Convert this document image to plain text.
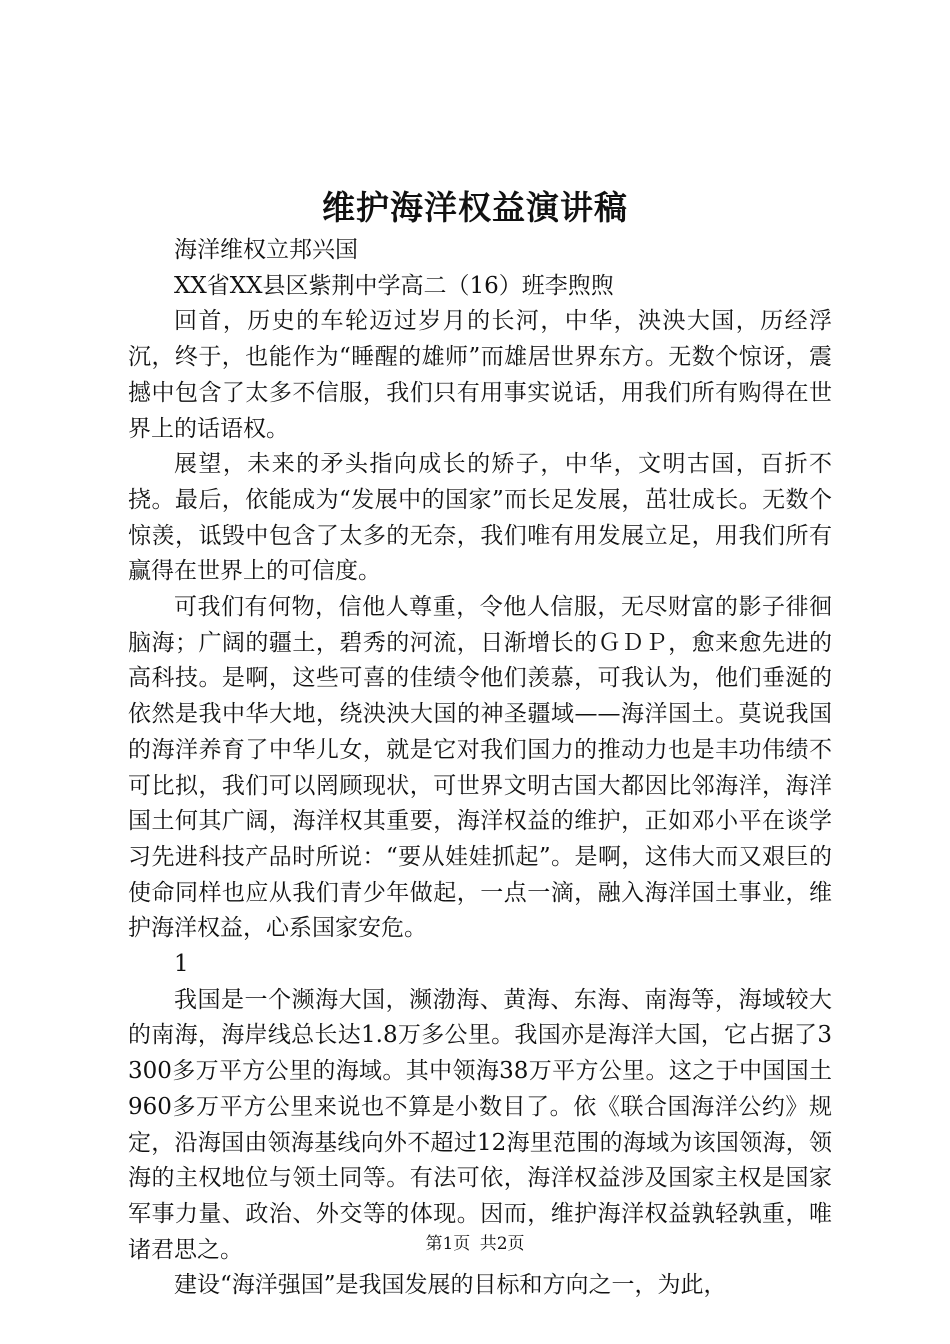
维护海洋权益演讲稿

海洋维权立邦兴国

XX省XX县区紫荆中学高二（16）班李煦煦

回首，历史的车轮迈过岁月的长河，中华，泱泱大国，历经浮沉，终于，也能作为“睡醒的雄师”而雄居世界东方。无数个惊讶，震撼中包含了太多不信服，我们只有用事实说话，用我们所有购得在世界上的话语权。

展望，未来的矛头指向成长的矫子，中华，文明古国，百折不挠。最后，依能成为“发展中的国家”而长足发展，茁壮成长。无数个惊羡，诋毁中包含了太多的无奈，我们唯有用发展立足，用我们所有赢得在世界上的可信度。

可我们有何物，信他人尊重，令他人信服，无尽财富的影子徘徊脑海；广阔的疆土，碧秀的河流，日渐增长的ＧＤＰ，愈来愈先进的高科技。是啊，这些可喜的佳绩令他们羡慕，可我认为，他们垂涎的依然是我中华大地，绕泱泱大国的神圣疆域——海洋国土。莫说我国的海洋养育了中华儿女，就是它对我们国力的推动力也是丰功伟绩不可比拟，我们可以罔顾现状，可世界文明古国大都因比邻海洋，海洋国土何其广阔，海洋权其重要，海洋权益的维护，正如邓小平在谈学习先进科技产品时所说：“要从娃娃抓起”。是啊，这伟大而又艰巨的使命同样也应从我们青少年做起，一点一滴，融入海洋国土事业，维护海洋权益，心系国家安危。

1

我国是一个濒海大国，濒渤海、黄海、东海、南海等，海域较大的南海，海岸线总长达1.8万多公里。我国亦是海洋大国，它占据了3300多万平方公里的海域。其中领海38万平方公里。这之于中国国土960多万平方公里来说也不算是小数目了。依《联合国海洋公约》规定，沿海国由领海基线向外不超过12海里范围的海域为该国领海，领海的主权地位与领土同等。有法可依，海洋权益涉及国家主权是国家军事力量、政治、外交等的体现。因而，维护海洋权益孰轻孰重，唯诸君思之。

建设“海洋强国”是我国发展的目标和方向之一，为此，

第1页 共2页
